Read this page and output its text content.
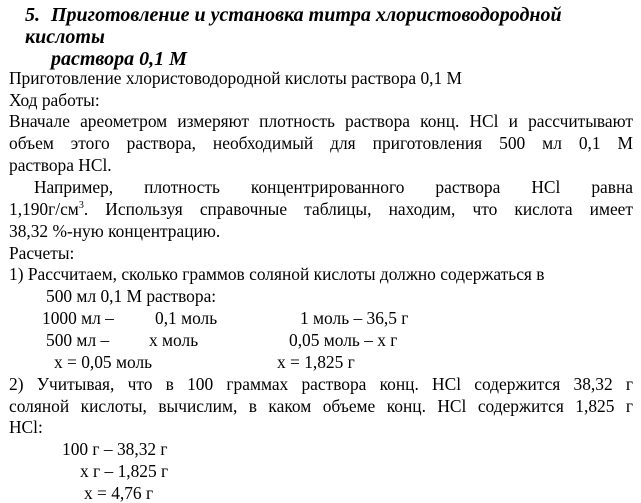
5. Приготовление и установка титра хлористоводородной кислоты
раствора 0,1 М
Приготовление хлористоводородной кислоты раствора 0,1 М
Ход работы:
Вначале ареометром измеряют плотность раствора конц. HCl и рассчитывают
объем этого раствора, необходимый для приготовления 500 мл 0,1 М
раствора HCl.
Например, плотность концентрированного раствора HCl равна
$1,190г/см^3$. Используя справочные таблицы, находим, что кислота имеет
38,32 %-ную концентрацию.
Расчеты:
1) Рассчитаем, сколько граммов соляной кислоты должно содержаться в
500 мл 0,1 М раствора:
1000 мл – 0,1 моль	1 моль – 36,5 г
500 мл – х моль	0,05 моль – х г
х = 0,05 моль	х = 1,825 г
2) Учитывая, что в 100 граммах раствора конц. HCl содержится 38,32 г
соляной кислоты, вычислим, в каком объеме конц. HCl содержится 1,825 г
HCl:
100 г – 38,32 г
х г – 1,825 г
х = 4,76 г
